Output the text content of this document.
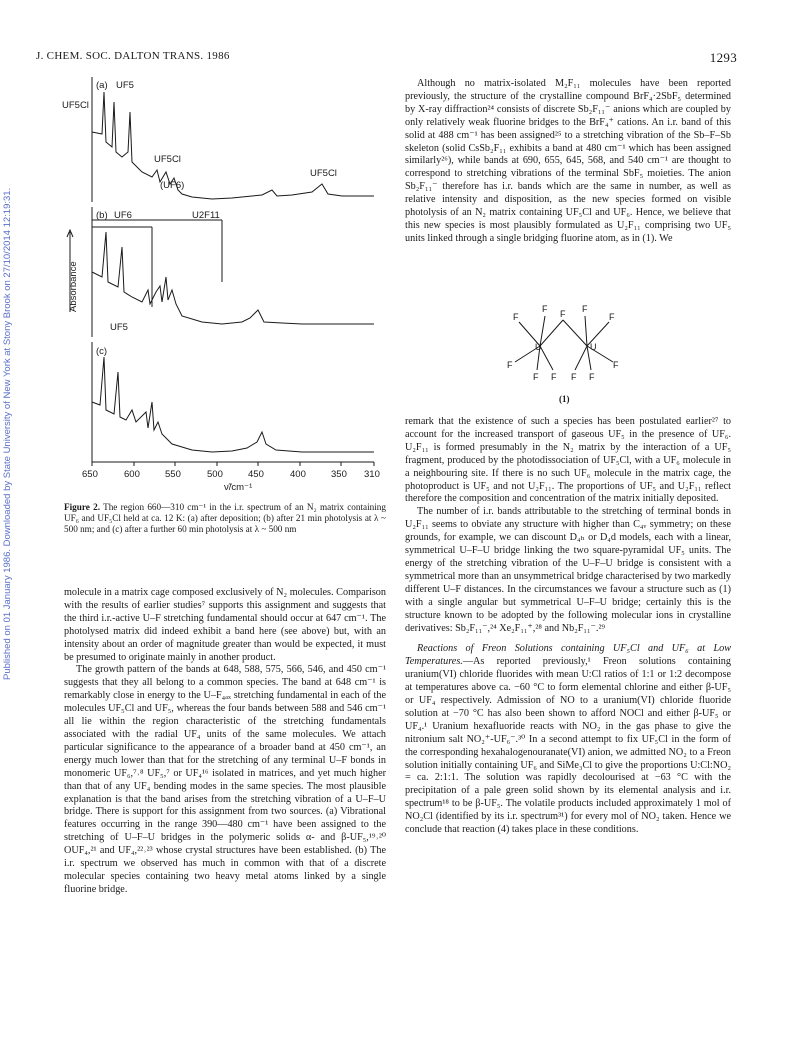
Published on 01 January 1986. Downloaded by State University of New York at Stony Brook on 27/10/2014 12:19:31.
J. CHEM. SOC. DALTON TRANS. 1986	1293
(a)
(b)
(c)
UF5
UF5Cl
UF5Cl
(UF6)
UF5Cl
UF6	U2F11
UF5
Absorbance
650	600	550	500	450	400	350 310
ν̃/cm⁻¹
Figure 2. The region 660—310 cm⁻¹ in the i.r. spectrum of an N₂ matrix containing UF₆ and UF₅Cl held at ca. 12 K: (a) after deposition; (b) after 21 min photolysis at λ ~ 500 nm; and (c) after a further 60 min photolysis at λ ~ 500 nm

molecule in a matrix cage composed exclusively of N₂ molecules. Comparison with the results of earlier studies⁷ supports this assignment and suggests that the third i.r.-active U–F stretching fundamental should occur at 647 cm⁻¹. The photolysed matrix did indeed exhibit a band here (see above) but, with an intensity about an order of magnitude greater than would be expected, it must be presumed to originate mainly in another product.

The growth pattern of the bands at 648, 588, 575, 566, 546, and 450 cm⁻¹ suggests that they all belong to a common species. The band at 648 cm⁻¹ is remarkably close in energy to the U–F₄ₐₓ stretching fundamental in each of the molecules UF₅Cl and UF₅, whereas the four bands between 588 and 546 cm⁻¹ all lie within the region characteristic of the stretching fundamentals associated with the radial UF₄ units of the same molecules. We attach particular significance to the appearance of a broader band at 450 cm⁻¹, an energy much lower than that for the stretching of any terminal U–F bonds in monomeric UF₆,⁷˒⁸ UF₅,⁷ or UF₄¹⁶ isolated in matrices, and yet much higher than that of any UF₄ bending modes in the same species. The most plausible explanation is that the band arises from the stretching vibration of a U–F–U bridge. There is support for this assignment from two sources. (a) Vibrational features occurring in the range 390—480 cm⁻¹ have been assigned to the stretching of U–F–U bridges in the polymeric solids α- and β-UF₅,¹⁹˒²⁰ OUF₄,²¹ and UF₄,²²˒²³ whose crystal structures have been established. (b) The i.r. spectrum we observed has much in common with that of a discrete molecular species containing two heavy metal atoms linked by a single fluorine bridge.

Although no matrix-isolated M₂F₁₁ molecules have been reported previously, the structure of the crystalline compound BrF₄·2SbF₅ determined by X-ray diffraction²⁴ consists of discrete Sb₂F₁₁⁻ anions which are coupled by only relatively weak fluorine bridges to the BrF₄⁺ cations. An i.r. band of this solid at 488 cm⁻¹ has been assigned²⁵ to a stretching vibration of the Sb–F–Sb skeleton (solid CsSb₂F₁₁ exhibits a band at 480 cm⁻¹ which has been assigned similarly²⁶), while bands at 690, 655, 645, 568, and 540 cm⁻¹ are thought to correspond to stretching vibrations of the terminal SbF₅ moieties. The anion Sb₂F₁₁⁻ therefore has i.r. bands which are the same in number, as well as relative intensity and disposition, as the new species formed on visible photolysis of an N₂ matrix containing UF₅Cl and UF₆. Hence, we believe that this new species is most plausibly formulated as U₂F₁₁ comprising two UF₅ units linked through a single bridging fluorine atom, as in (1). We

F
F F F
F
U	U
F
F F F F
F
(1)

remark that the existence of such a species has been postulated earlier²⁷ to account for the increased transport of gaseous UF₅ in the presence of UF₆. U₂F₁₁ is formed presumably in the N₂ matrix by the interaction of a UF₅ fragment, produced by the photodissociation of UF₅Cl, with a UF₆ molecule in a neighbouring site. If there is no such UF₆ molecule in the matrix cage, the photoproduct is UF₅ and not U₂F₁₁. The proportions of UF₅ and U₂F₁₁ reflect therefore the composition and concentration of the matrix initially deposited.

The number of i.r. bands attributable to the stretching of terminal bonds in U₂F₁₁ seems to obviate any structure with higher than C₄ᵥ symmetry; on these grounds, for example, we can discount D₄ₕ or D₄d models, each with a linear, symmetrical U–F–U bridge linking the two square-pyramidal UF₅ units. The energy of the stretching vibration of the U–F–U bridge is consistent with a symmetrical more than an unsymmetrical bridge characterised by two markedly different U–F distances. In the circumstances we favour a structure such as (1) with a single angular but symmetrical U–F–U bridge; certainly this is the structure known to be adopted by the following molecular ions in crystalline derivatives: Sb₂F₁₁⁻,²⁴ Xe₂F₁₁⁺,²⁸ and Nb₂F₁₁⁻.²⁹

Reactions of Freon Solutions containing UF₅Cl and UF₆ at Low Temperatures.—As reported previously,¹ Freon solutions containing uranium(VI) chloride fluorides with mean U:Cl ratios of 1:1 or 1:2 decompose at temperatures above ca. −60 °C to form elemental chlorine and either β-UF₅ or UF₄ respectively. Admission of NO to a uranium(VI) chloride fluoride solution at −70 °C has also been shown to afford NOCl and either β-UF₅ or UF₄.¹ Uranium hexafluoride reacts with NO₂ in the gas phase to give the nitronium salt NO₂⁺-UF₆⁻.³⁰ In a second attempt to fix UF₅Cl in the form of the corresponding hexahalogenouranate(VI) anion, we admitted NO₂ to a Freon solution initially containing UF₆ and SiMe₃Cl to give the proportions U:Cl:NO₂ = ca. 2:1:1. The solution was rapidly decolourised at −63 °C with the precipitation of a pale green solid shown by its elemental analysis and i.r. spectrum¹⁸ to be β-UF₅. The volatile products included approximately 1 mol of NO₂Cl (identified by its i.r. spectrum³¹) for every mol of NO₂ taken. Hence we conclude that reaction (4) takes place in these conditions.
